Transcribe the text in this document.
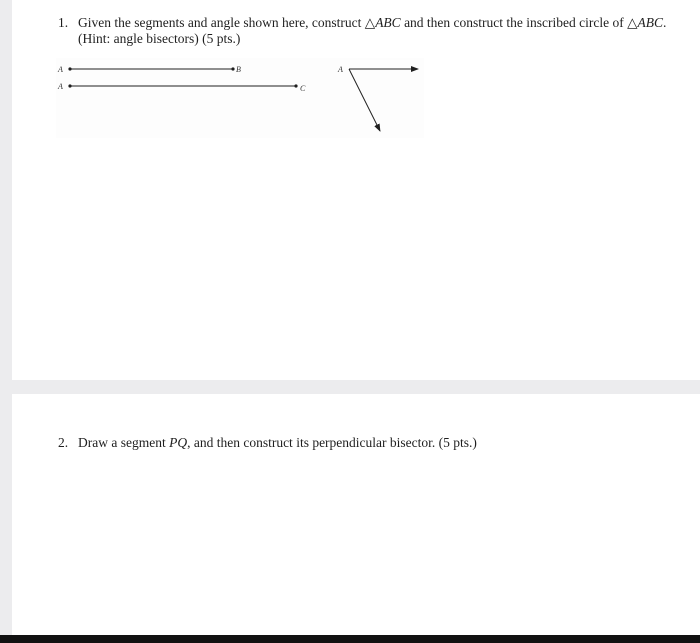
1. Given the segments and angle shown here, construct △ABC and then construct the inscribed circle of △ABC. (Hint: angle bisectors) (5 pts.)
A	B
A	C
A
2. Draw a segment PQ, and then construct its perpendicular bisector. (5 pts.)
